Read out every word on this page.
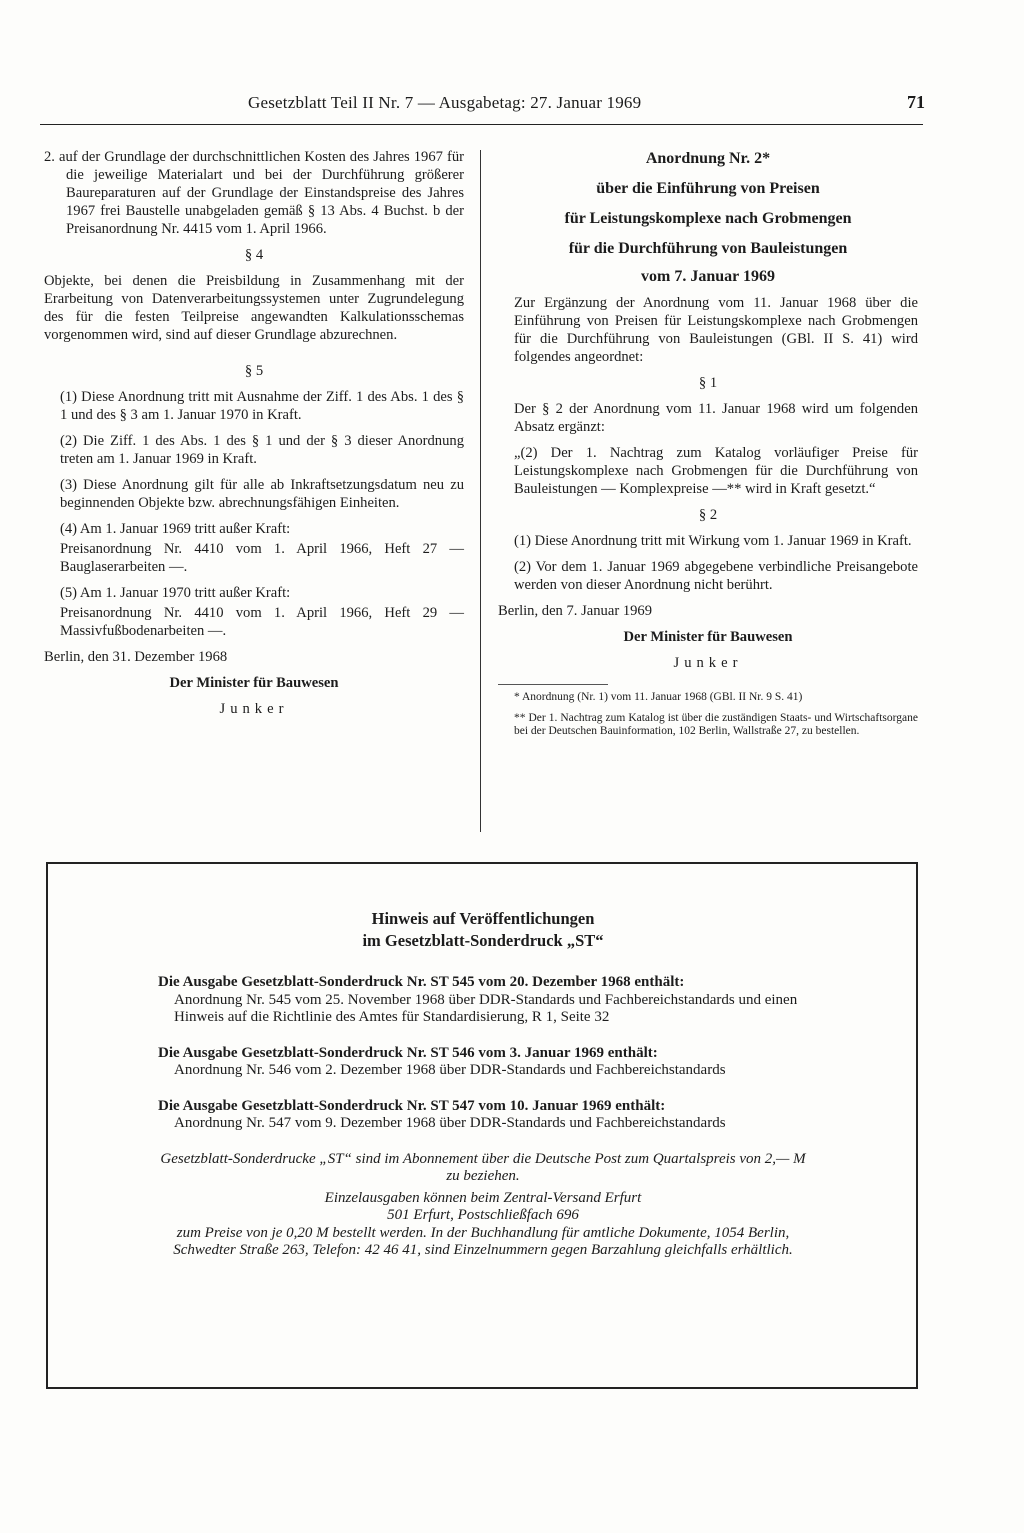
Gesetzblatt Teil II Nr. 7 — Ausgabetag: 27. Januar 1969	71

2. auf der Grundlage der durchschnittlichen Kosten des Jahres 1967 für die jeweilige Materialart und bei der Durchführung größerer Baureparaturen auf der Grundlage der Einstandspreise des Jahres 1967 frei Baustelle unabgeladen gemäß § 13 Abs. 4 Buchst. b der Preisanordnung Nr. 4415 vom 1. April 1966.

§ 4

Objekte, bei denen die Preisbildung in Zusammenhang mit der Erarbeitung von Datenverarbeitungssystemen unter Zugrundelegung des für die festen Teilpreise angewandten Kalkulationsschemas vorgenommen wird, sind auf dieser Grundlage abzurechnen.

§ 5

(1) Diese Anordnung tritt mit Ausnahme der Ziff. 1 des Abs. 1 des § 1 und des § 3 am 1. Januar 1970 in Kraft.

(2) Die Ziff. 1 des Abs. 1 des § 1 und der § 3 dieser Anordnung treten am 1. Januar 1969 in Kraft.

(3) Diese Anordnung gilt für alle ab Inkraftsetzungsdatum neu zu beginnenden Objekte bzw. abrechnungsfähigen Einheiten.

(4) Am 1. Januar 1969 tritt außer Kraft:

Preisanordnung Nr. 4410 vom 1. April 1966, Heft 27 — Bauglaserarbeiten —.

(5) Am 1. Januar 1970 tritt außer Kraft:

Preisanordnung Nr. 4410 vom 1. April 1966, Heft 29 — Massivfußbodenarbeiten —.

Berlin, den 31. Dezember 1968

Der Minister für Bauwesen

Junker

Anordnung Nr. 2*

über die Einführung von Preisen

für Leistungskomplexe nach Grobmengen

für die Durchführung von Bauleistungen

vom 7. Januar 1969

Zur Ergänzung der Anordnung vom 11. Januar 1968 über die Einführung von Preisen für Leistungskomplexe nach Grobmengen für die Durchführung von Bauleistungen (GBl. II S. 41) wird folgendes angeordnet:

§ 1

Der § 2 der Anordnung vom 11. Januar 1968 wird um folgenden Absatz ergänzt:

„(2) Der 1. Nachtrag zum Katalog vorläufiger Preise für Leistungskomplexe nach Grobmengen für die Durchführung von Bauleistungen — Komplexpreise —** wird in Kraft gesetzt.“

§ 2

(1) Diese Anordnung tritt mit Wirkung vom 1. Januar 1969 in Kraft.

(2) Vor dem 1. Januar 1969 abgegebene verbindliche Preisangebote werden von dieser Anordnung nicht berührt.

Berlin, den 7. Januar 1969

Der Minister für Bauwesen

Junker

* Anordnung (Nr. 1) vom 11. Januar 1968 (GBl. II Nr. 9 S. 41)

** Der 1. Nachtrag zum Katalog ist über die zuständigen Staats- und Wirtschaftsorgane bei der Deutschen Bauinformation, 102 Berlin, Wallstraße 27, zu bestellen.

Hinweis auf Veröffentlichungen

im Gesetzblatt-Sonderdruck „ST“

Die Ausgabe Gesetzblatt-Sonderdruck Nr. ST 545 vom 20. Dezember 1968 enthält:

Anordnung Nr. 545 vom 25. November 1968 über DDR-Standards und Fachbereichstandards und einen Hinweis auf die Richtlinie des Amtes für Standardisierung, R 1, Seite 32

Die Ausgabe Gesetzblatt-Sonderdruck Nr. ST 546 vom 3. Januar 1969 enthält:

Anordnung Nr. 546 vom 2. Dezember 1968 über DDR-Standards und Fachbereichstandards

Die Ausgabe Gesetzblatt-Sonderdruck Nr. ST 547 vom 10. Januar 1969 enthält:

Anordnung Nr. 547 vom 9. Dezember 1968 über DDR-Standards und Fachbereichstandards

Gesetzblatt-Sonderdrucke „ST“ sind im Abonnement über die Deutsche Post zum Quartalspreis von 2,— M zu beziehen.

Einzelausgaben können beim Zentral-Versand Erfurt

501 Erfurt, Postschließfach 696

zum Preise von je 0,20 M bestellt werden. In der Buchhandlung für amtliche Dokumente, 1054 Berlin, Schwedter Straße 263, Telefon: 42 46 41, sind Einzelnummern gegen Barzahlung gleichfalls erhältlich.
